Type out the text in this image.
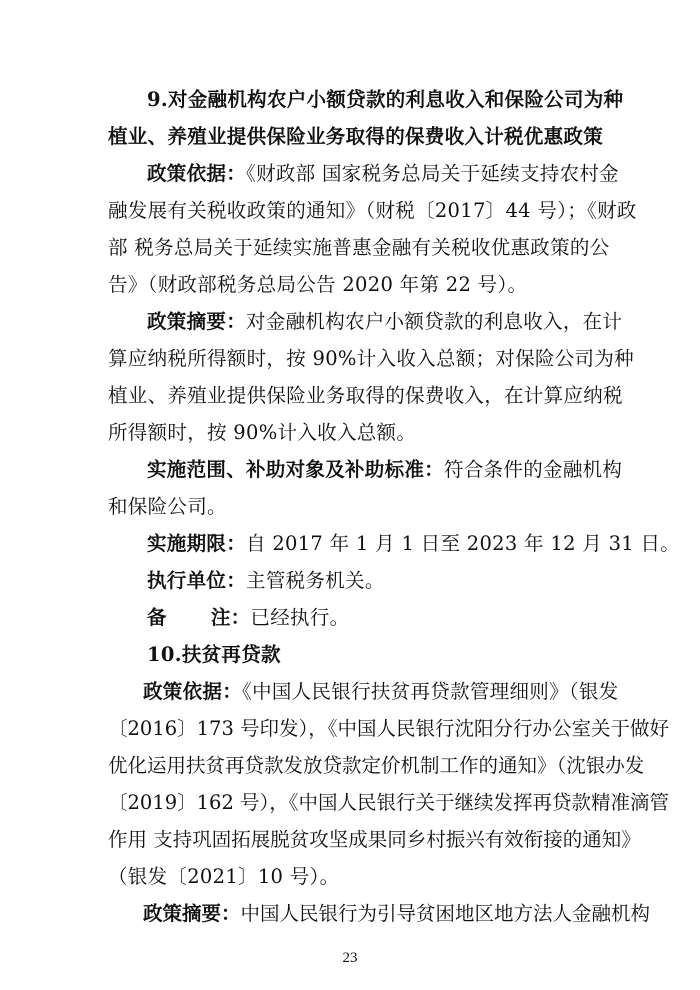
9.对金融机构农户小额贷款的利息收入和保险公司为种
植业、养殖业提供保险业务取得的保费收入计税优惠政策
政策依据：《财政部 国家税务总局关于延续支持农村金
融发展有关税收政策的通知》（财税〔2017〕44 号）；《财政
部 税务总局关于延续实施普惠金融有关税收优惠政策的公
告》（财政部税务总局公告 2020 年第 22 号）。
政策摘要：对金融机构农户小额贷款的利息收入，在计
算应纳税所得额时，按 90%计入收入总额；对保险公司为种
植业、养殖业提供保险业务取得的保费收入，在计算应纳税
所得额时，按 90%计入收入总额。
实施范围、补助对象及补助标准：符合条件的金融机构
和保险公司。
实施期限：自 2017 年 1 月 1 日至 2023 年 12 月 31 日。
执行单位：主管税务机关。
备 注：已经执行。
10.扶贫再贷款
政策依据：《中国人民银行扶贫再贷款管理细则》（银发
〔2016〕173 号印发），《中国人民银行沈阳分行办公室关于做好
优化运用扶贫再贷款发放贷款定价机制工作的通知》（沈银办发
〔2019〕162 号），《中国人民银行关于继续发挥再贷款精准滴管
作用 支持巩固拓展脱贫攻坚成果同乡村振兴有效衔接的通知》
（银发〔2021〕10 号）。
政策摘要：中国人民银行为引导贫困地区地方法人金融机构
23
